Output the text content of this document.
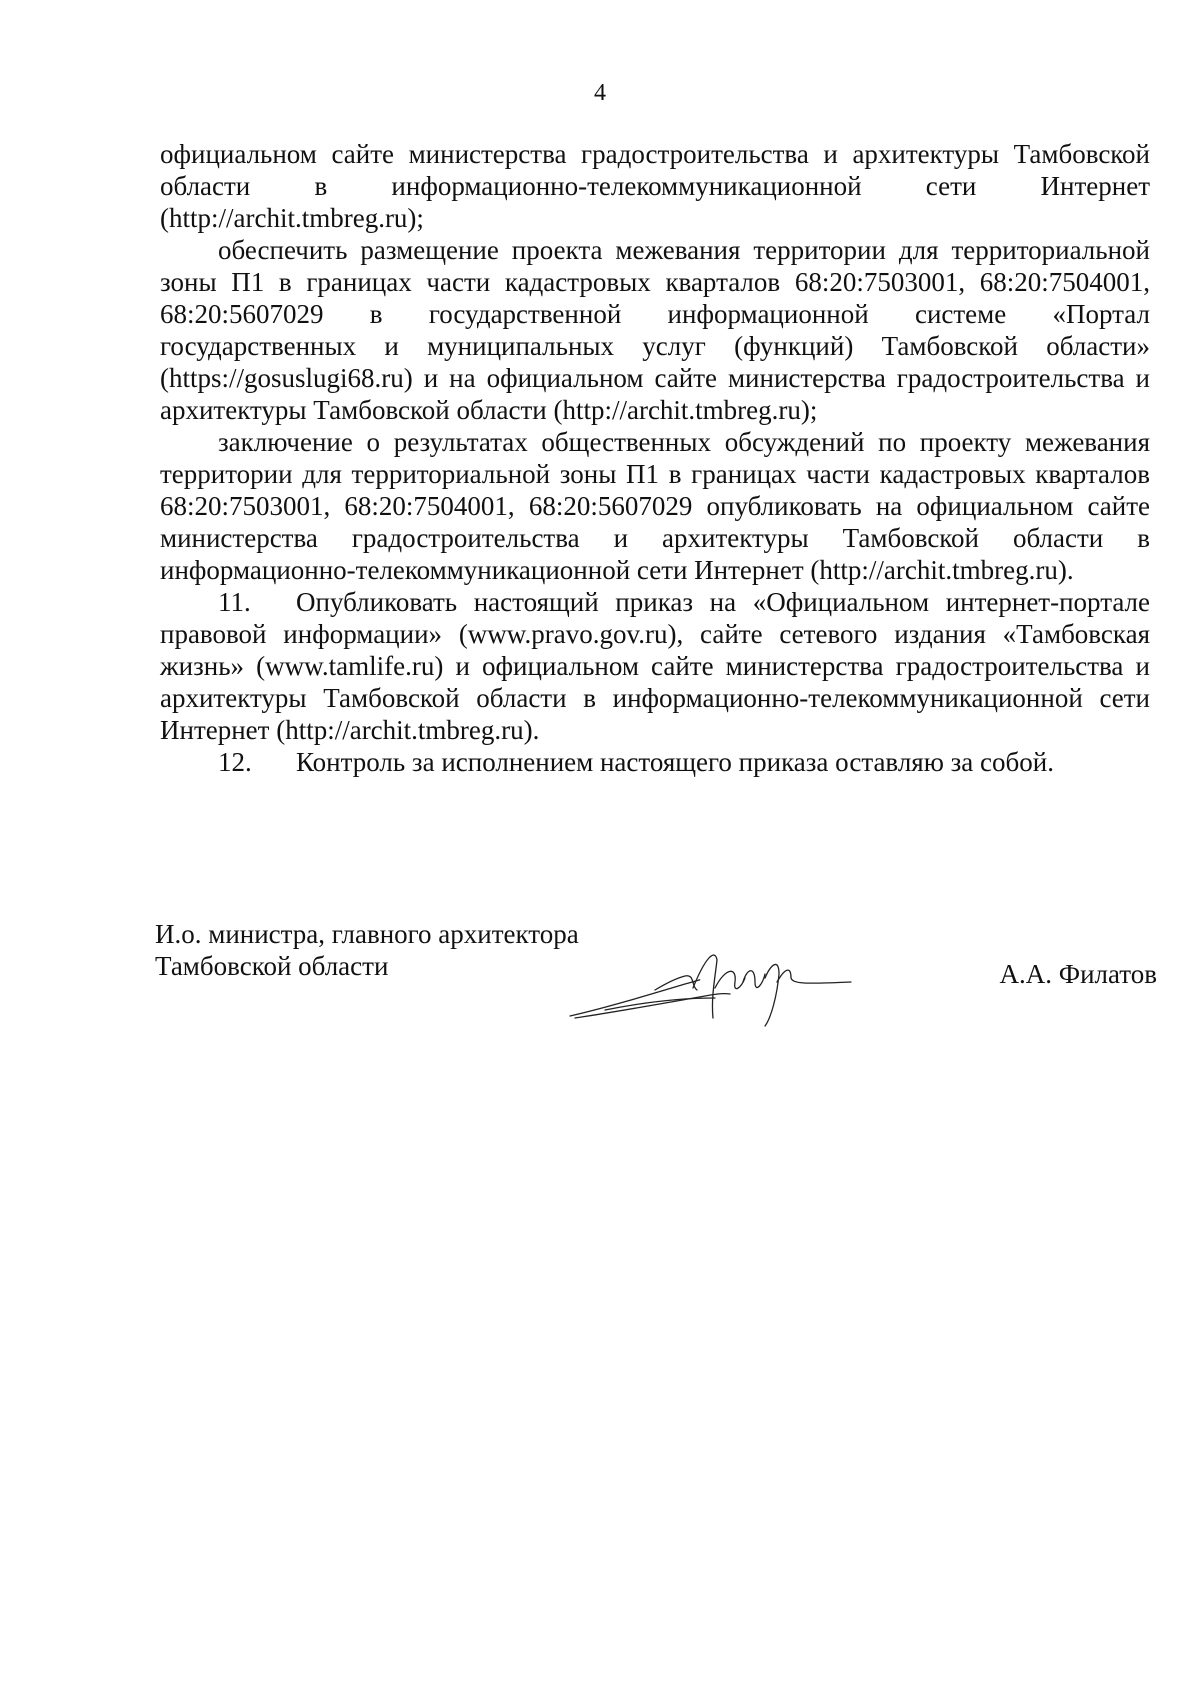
4

официальном сайте министерства градостроительства и архитектуры Тамбовской области в информационно-телекоммуникационной сети Интернет (http://archit.tmbreg.ru);

обеспечить размещение проекта межевания территории для территориальной зоны П1 в границах части кадастровых кварталов 68:20:7503001, 68:20:7504001, 68:20:5607029 в государственной информационной системе «Портал государственных и муниципальных услуг (функций) Тамбовской области» (https://gosuslugi68.ru) и на официальном сайте министерства градостроительства и архитектуры Тамбовской области (http://archit.tmbreg.ru);

заключение о результатах общественных обсуждений по проекту межевания территории для территориальной зоны П1 в границах части кадастровых кварталов 68:20:7503001, 68:20:7504001, 68:20:5607029 опубликовать на официальном сайте министерства градостроительства и архитектуры Тамбовской области в информационно-телекоммуникационной сети Интернет (http://archit.tmbreg.ru).

11. Опубликовать настоящий приказ на «Официальном интернет-портале правовой информации» (www.pravo.gov.ru), сайте сетевого издания «Тамбовская жизнь» (www.tamlife.ru) и официальном сайте министерства градостроительства и архитектуры Тамбовской области в информационно-телекоммуникационной сети Интернет (http://archit.tmbreg.ru).

12. Контроль за исполнением настоящего приказа оставляю за собой.

И.о. министра, главного архитектора
Тамбовской области	А.А. Филатов
